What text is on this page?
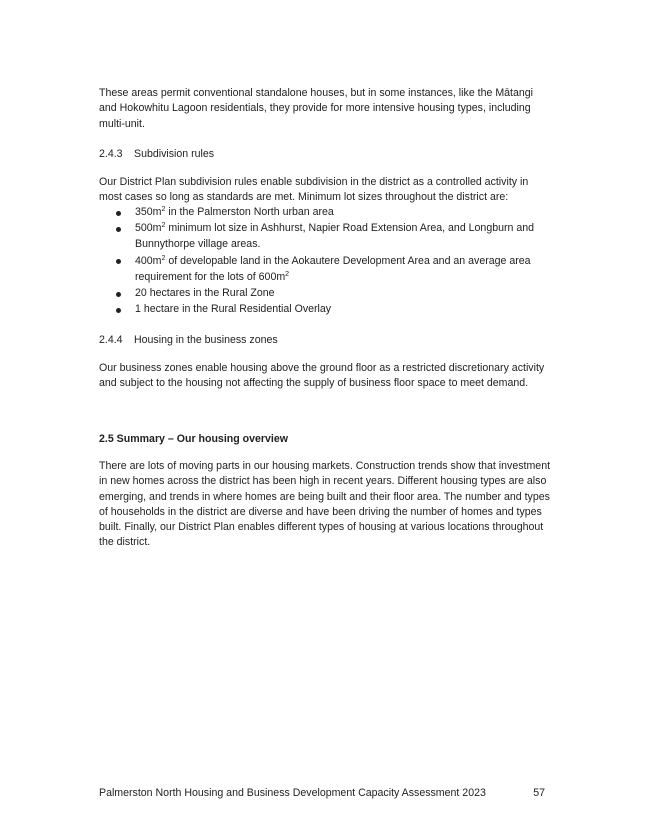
These areas permit conventional standalone houses, but in some instances, like the Mātangi and Hokowhitu Lagoon residentials, they provide for more intensive housing types, including multi-unit.

2.4.3 Subdivision rules

Our District Plan subdivision rules enable subdivision in the district as a controlled activity in most cases so long as standards are met. Minimum lot sizes throughout the district are:

$350m^2$ in the Palmerston North urban area
$500m^2$ minimum lot size in Ashhurst, Napier Road Extension Area, and Longburn and Bunnythorpe village areas.
$400m^2$ of developable land in the Aokautere Development Area and an average area requirement for the lots of $600m^2$
20 hectares in the Rural Zone
1 hectare in the Rural Residential Overlay
2.4.4 Housing in the business zones

Our business zones enable housing above the ground floor as a restricted discretionary activity and subject to the housing not affecting the supply of business floor space to meet demand.

2.5 Summary – Our housing overview

There are lots of moving parts in our housing markets. Construction trends show that investment in new homes across the district has been high in recent years. Different housing types are also emerging, and trends in where homes are being built and their floor area. The number and types of households in the district are diverse and have been driving the number of homes and types built. Finally, our District Plan enables different types of housing at various locations throughout the district.

Palmerston North Housing and Business Development Capacity Assessment 2023	57
